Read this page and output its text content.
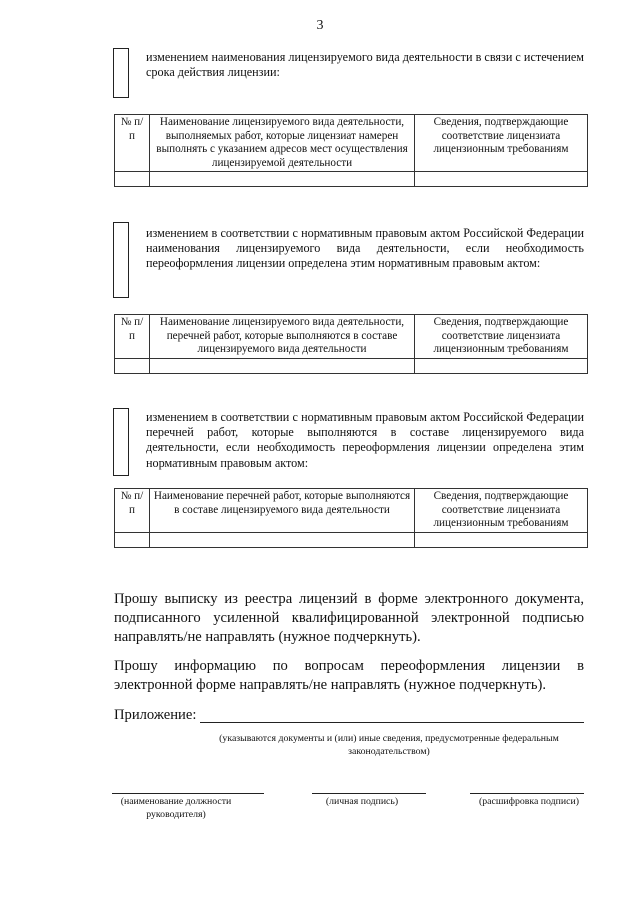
3
изменением наименования лицензируемого вида деятельности в связи с истечением срока действия лицензии:
№ п/п	Наименование лицензируемого вида деятельности, выполняемых работ, которые лицензиат намерен выполнять с указанием адресов мест осуществления лицензируемой деятельности	Сведения, подтверждающие соответствие лицензиата лицензионным требованиям

изменением в соответствии с нормативным правовым актом Российской Федерации наименования лицензируемого вида деятельности, если необходимость переоформления лицензии определена этим нормативным правовым актом:
№ п/п	Наименование лицензируемого вида деятельности, перечней работ, которые выполняются в составе лицензируемого вида деятельности	Сведения, подтверждающие соответствие лицензиата лицензионным требованиям

изменением в соответствии с нормативным правовым актом Российской Федерации перечней работ, которые выполняются в составе лицензируемого вида деятельности, если необходимость переоформления лицензии определена этим нормативным правовым актом:
№ п/п	Наименование перечней работ, которые выполняются в составе лицензируемого вида деятельности	Сведения, подтверждающие соответствие лицензиата лицензионным требованиям

Прошу выписку из реестра лицензий в форме электронного документа, подписанного усиленной квалифицированной электронной подписью направлять/не направлять (нужное подчеркнуть).
Прошу информацию по вопросам переоформления лицензии в электронной форме направлять/не направлять (нужное подчеркнуть).
Приложение:
(указываются документы и (или) иные сведения, предусмотренные федеральным законодательством)
(наименование должности руководителя)
(личная подпись)	(расшифровка подписи)
